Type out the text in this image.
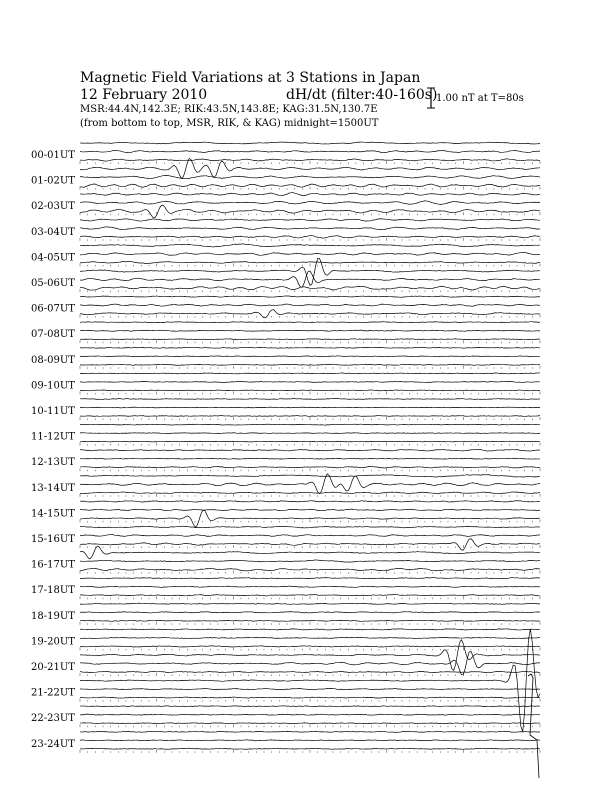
Magnetic Field Variations at 3 Stations in Japan
12 February 2010	dH/dt (filter:40-160s)
MSR:44.4N,142.3E; RIK:43.5N,143.8E; KAG:31.5N,130.7E
(from bottom to top, MSR, RIK, & KAG) midnight=1500UT
1.00 nT at T=80s
00-01UT
01-02UT
02-03UT
03-04UT
04-05UT
05-06UT
06-07UT
07-08UT
08-09UT
09-10UT
10-11UT
11-12UT
12-13UT
13-14UT
14-15UT
15-16UT
16-17UT
17-18UT
18-19UT
19-20UT
20-21UT
21-22UT
22-23UT
23-24UT
